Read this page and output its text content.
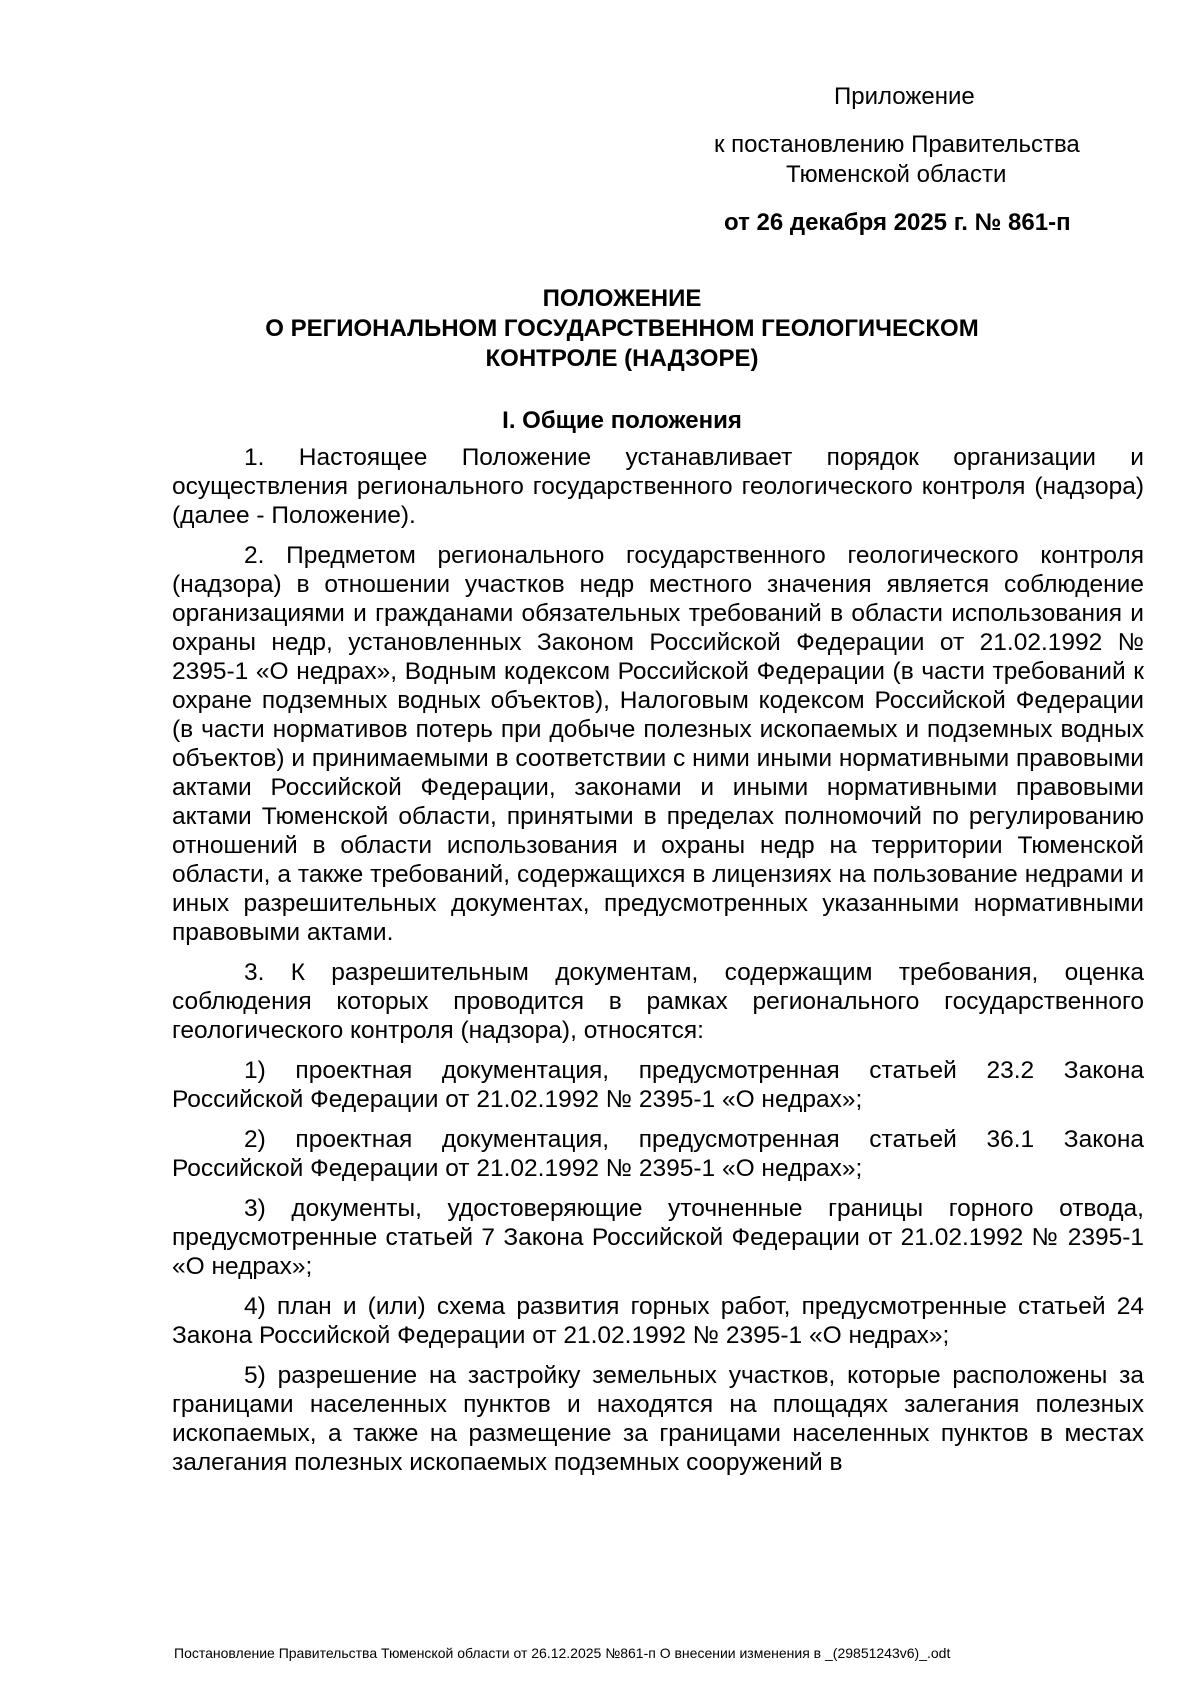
Приложение
к постановлению Правительства
Тюменской области
от 26 декабря 2025 г. № 861-п
ПОЛОЖЕНИЕ
О РЕГИОНАЛЬНОМ ГОСУДАРСТВЕННОМ ГЕОЛОГИЧЕСКОМ
КОНТРОЛЕ (НАДЗОРЕ)
I. Общие положения

1. Настоящее Положение устанавливает порядок организации и осуществления регионального государственного геологического контроля (надзора) (далее - Положение).

2. Предметом регионального государственного геологического контроля (надзора) в отношении участков недр местного значения является соблюдение организациями и гражданами обязательных требований в области использования и охраны недр, установленных Законом Российской Федерации от 21.02.1992 № 2395-1 «О недрах», Водным кодексом Российской Федерации (в части требований к охране подземных водных объектов), Налоговым кодексом Российской Федерации (в части нормативов потерь при добыче полезных ископаемых и подземных водных объектов) и принимаемыми в соответствии с ними иными нормативными правовыми актами Российской Федерации, законами и иными нормативными правовыми актами Тюменской области, принятыми в пределах полномочий по регулированию отношений в области использования и охраны недр на территории Тюменской области, а также требований, содержащихся в лицензиях на пользование недрами и иных разрешительных документах, предусмотренных указанными нормативными правовыми актами.

3. К разрешительным документам, содержащим требования, оценка соблюдения которых проводится в рамках регионального государственного геологического контроля (надзора), относятся:

1) проектная документация, предусмотренная статьей 23.2 Закона Российской Федерации от 21.02.1992 № 2395-1 «О недрах»;

2) проектная документация, предусмотренная статьей 36.1 Закона Российской Федерации от 21.02.1992 № 2395-1 «О недрах»;

3) документы, удостоверяющие уточненные границы горного отвода, предусмотренные статьей 7 Закона Российской Федерации от 21.02.1992 № 2395-1 «О недрах»;

4) план и (или) схема развития горных работ, предусмотренные статьей 24 Закона Российской Федерации от 21.02.1992 № 2395-1 «О недрах»;

5) разрешение на застройку земельных участков, которые расположены за границами населенных пунктов и находятся на площадях залегания полезных ископаемых, а также на размещение за границами населенных пунктов в местах залегания полезных ископаемых подземных сооружений в

Постановление Правительства Тюменской области от 26.12.2025 №861-п О внесении изменения в _(29851243v6)_.odt
